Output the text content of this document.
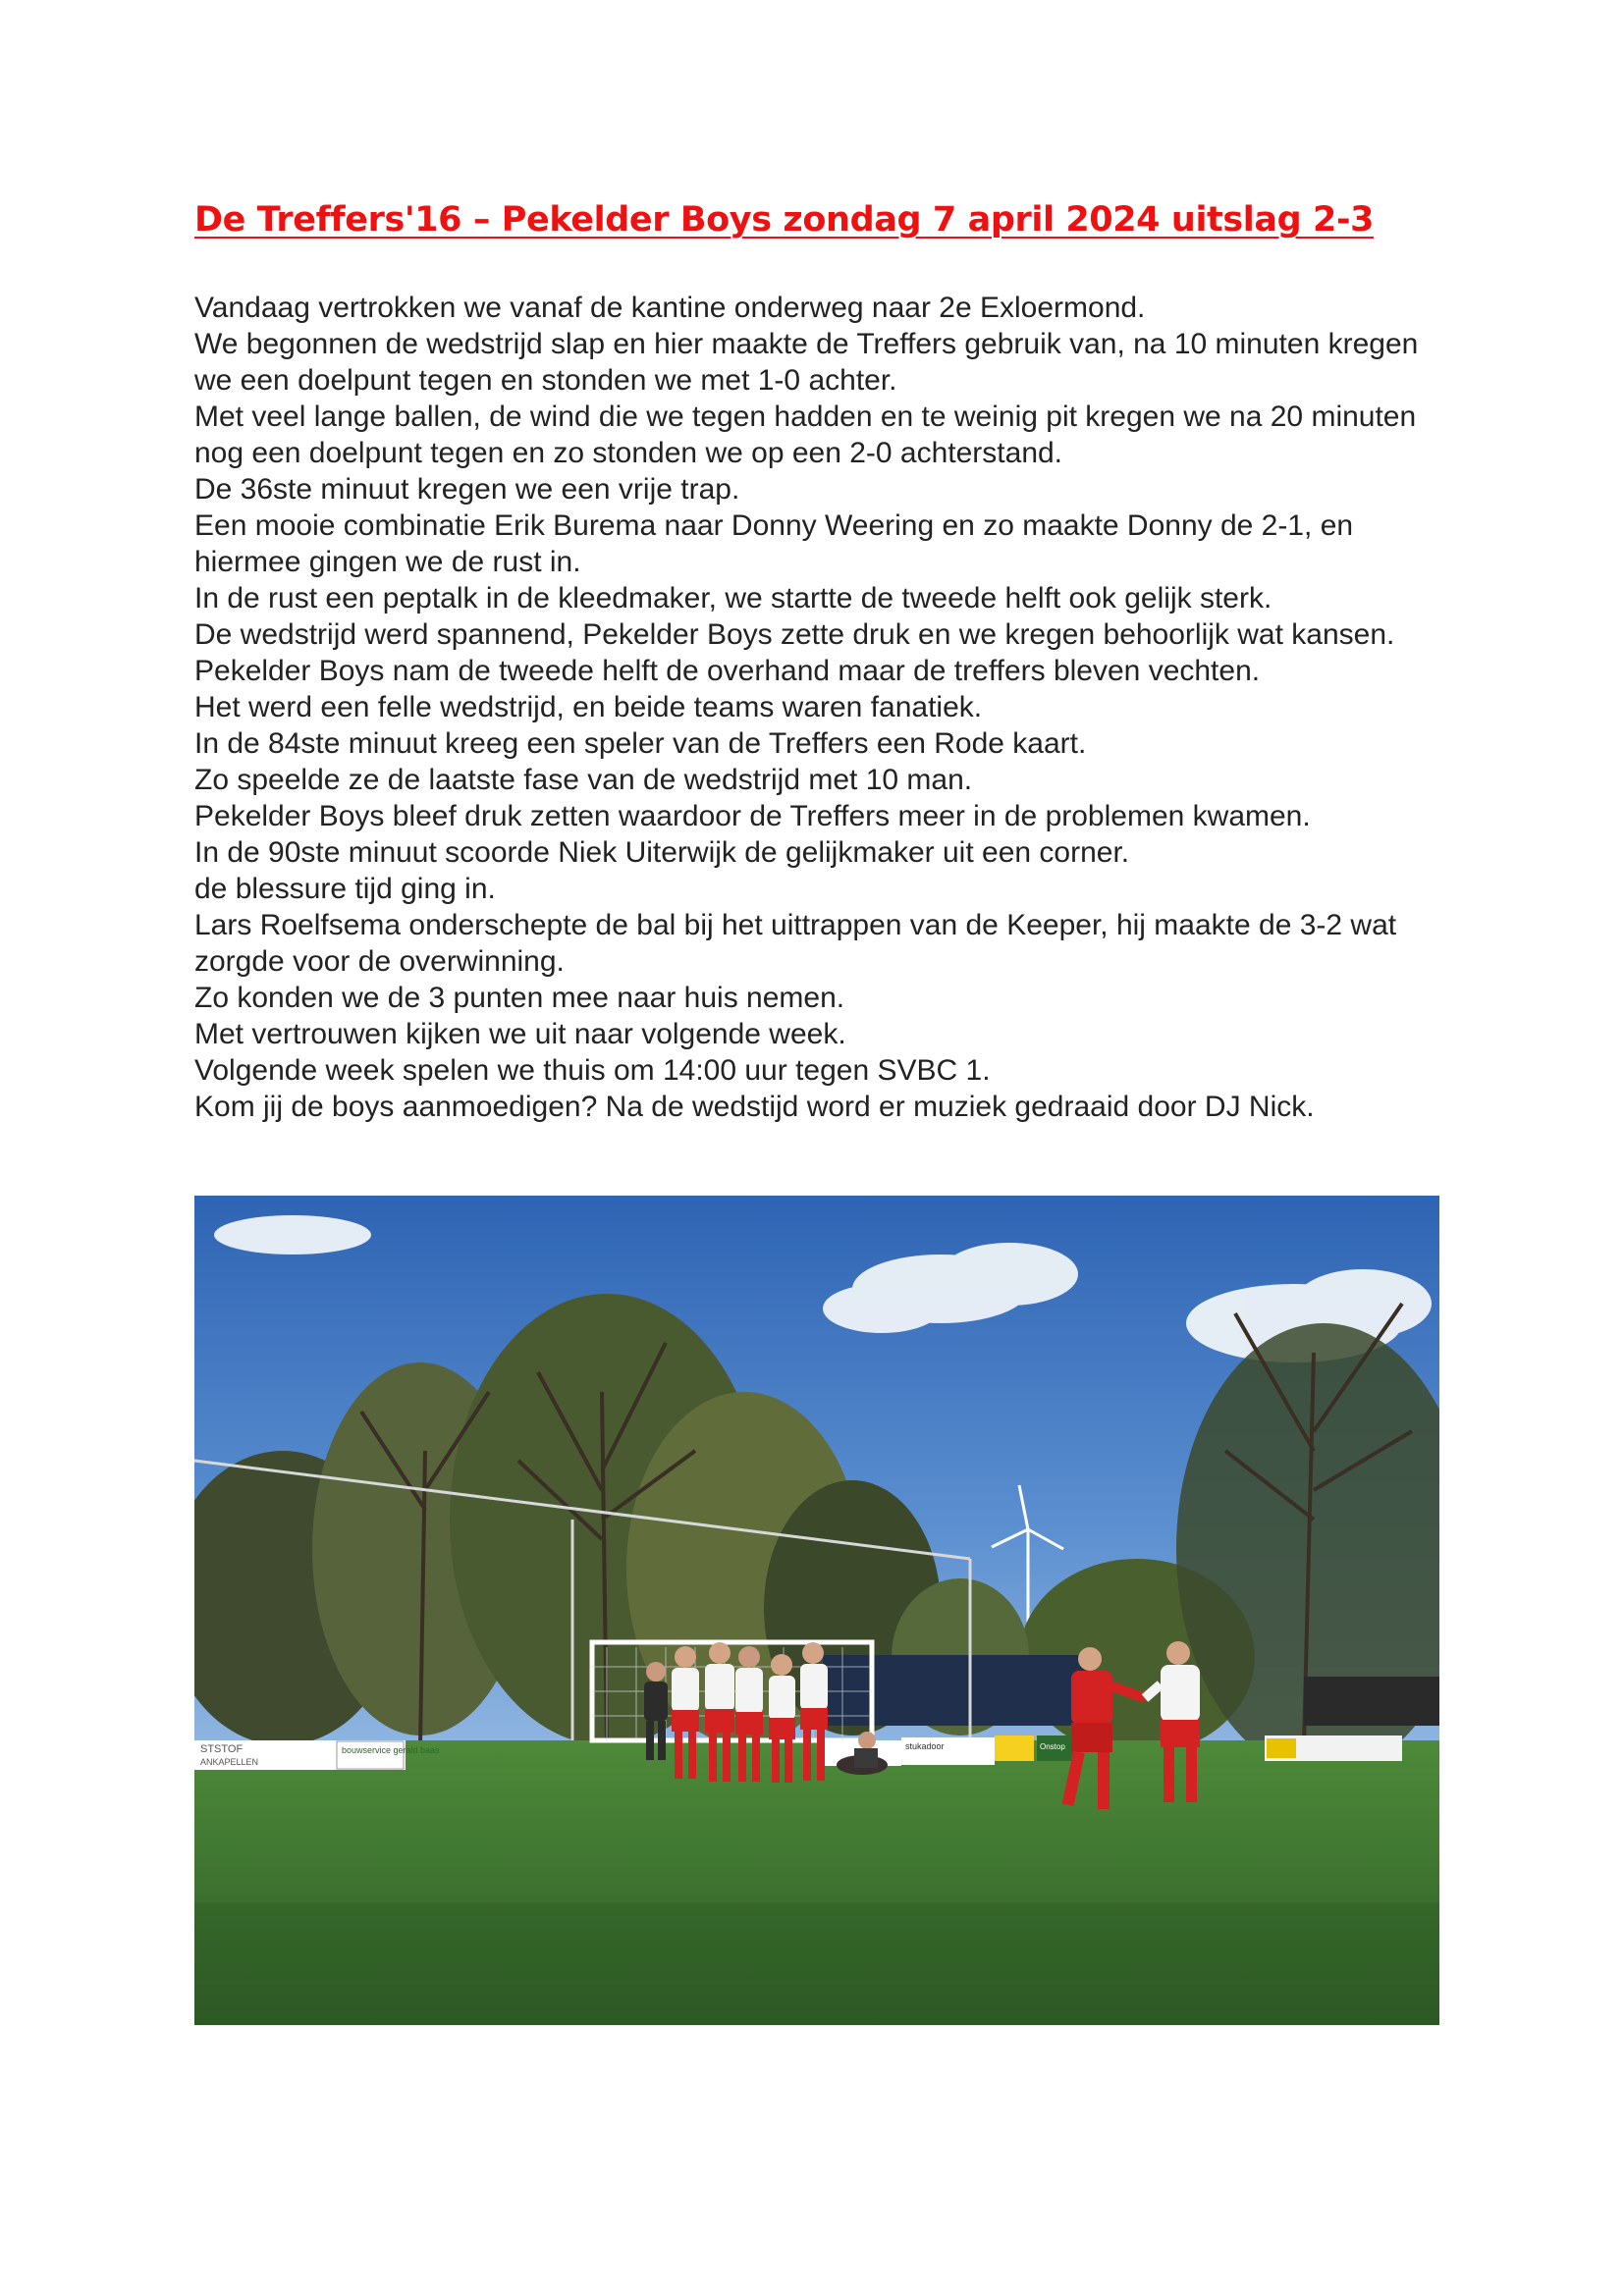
De Treffers'16 – Pekelder Boys zondag 7 april 2024 uitslag 2-3

Vandaag vertrokken we vanaf de kantine onderweg naar 2e Exloermond.

We begonnen de wedstrijd slap en hier maakte de Treffers gebruik van, na 10 minuten kregen we een doelpunt tegen en stonden we met 1-0 achter.

Met veel lange ballen, de wind die we tegen hadden en te weinig pit kregen we na 20 minuten nog een doelpunt tegen en zo stonden we op een 2-0 achterstand.

De 36ste minuut kregen we een vrije trap.

Een mooie combinatie Erik Burema naar Donny Weering en zo maakte Donny de 2-1, en hiermee gingen we de rust in.

In de rust een peptalk in de kleedmaker, we startte de tweede helft ook gelijk sterk.

De wedstrijd werd spannend, Pekelder Boys zette druk en we kregen behoorlijk wat kansen.

Pekelder Boys nam de tweede helft de overhand maar de treffers bleven vechten.

Het werd een felle wedstrijd, en beide teams waren fanatiek.

In de 84ste minuut kreeg een speler van de Treffers een Rode kaart.

Zo speelde ze de laatste fase van de wedstrijd met 10 man.

Pekelder Boys bleef druk zetten waardoor de Treffers meer in de problemen kwamen.

In de 90ste minuut scoorde Niek Uiterwijk de gelijkmaker uit een corner.

de blessure tijd ging in.

Lars Roelfsema onderschepte de bal bij het uittrappen van de Keeper, hij maakte de 3-2 wat zorgde voor de overwinning.

Zo konden we de 3 punten mee naar huis nemen.

Met vertrouwen kijken we uit naar volgende week.

Volgende week spelen we thuis om 14:00 uur tegen SVBC 1.

Kom jij de boys aanmoedigen? Na de wedstijd word er muziek gedraaid door DJ Nick.

STSTOF
ANKAPELLEN
bouwservice gerald baas	stukadoor	Onstop
